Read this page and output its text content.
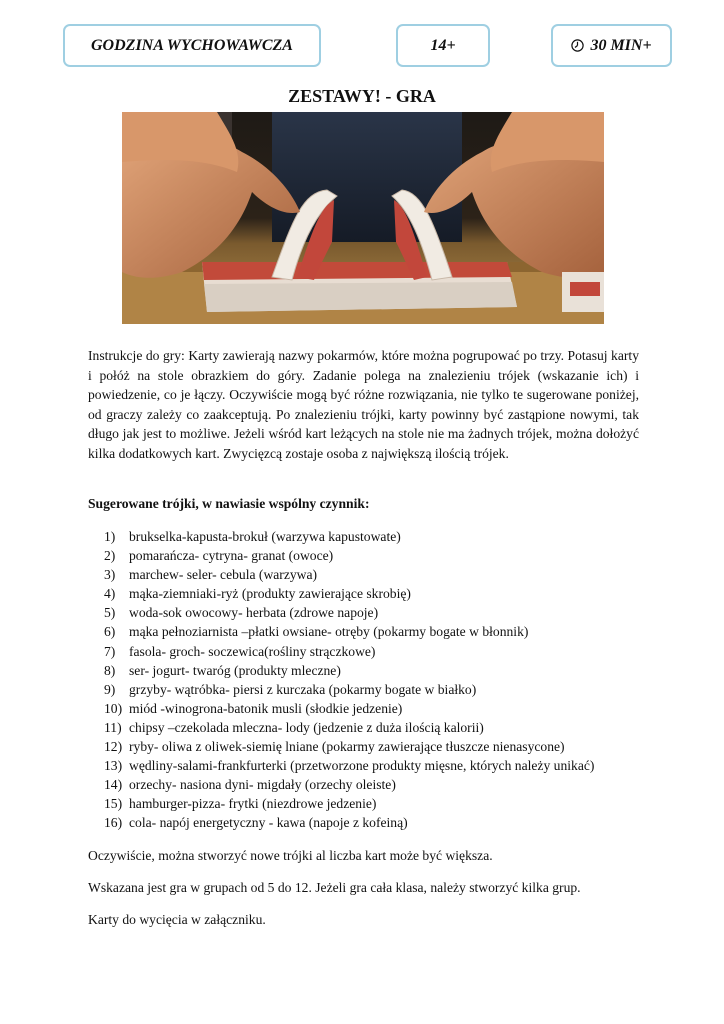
GODZINA WYCHOWAWCZA	14+	30 MIN+
ZESTAWY! - GRA

Instrukcje do gry: Karty zawierają nazwy pokarmów, które można pogrupować po trzy. Potasuj karty i połóż na stole obrazkiem do góry. Zadanie polega na znalezieniu trójek (wskazanie ich) i powiedzenie, co je łączy. Oczywiście mogą być różne rozwiązania, nie tylko te sugerowane poniżej, od graczy zależy co zaakceptują. Po znalezieniu trójki, karty powinny być zastąpione nowymi, tak długo jak jest to możliwe. Jeżeli wśród kart leżących na stole nie ma żadnych trójek, można dołożyć kilka dodatkowych kart. Zwycięzcą zostaje osoba z największą ilością trójek.

Sugerowane trójki, w nawiasie wspólny czynnik:
1)	brukselka-kapusta-brokuł (warzywa kapustowate)
2)	pomarańcza- cytryna- granat (owoce)
3)	marchew- seler- cebula (warzywa)
4)	mąka-ziemniaki-ryż (produkty zawierające skrobię)
5)	woda-sok owocowy- herbata (zdrowe napoje)
6)	mąka pełnoziarnista –płatki owsiane- otręby (pokarmy bogate w błonnik)
7)	fasola- groch- soczewica(rośliny strączkowe)
8)	ser- jogurt- twaróg (produkty mleczne)
9)	grzyby- wątróbka- piersi z kurczaka (pokarmy bogate w białko)
10) miód -winogrona-batonik musli (słodkie jedzenie)
11) chipsy –czekolada mleczna- lody (jedzenie z duża ilością kalorii)
12) ryby- oliwa z oliwek-siemię lniane (pokarmy zawierające tłuszcze nienasycone)
13) wędliny-salami-frankfurterki (przetworzone produkty mięsne, których należy unikać)
14) orzechy- nasiona dyni- migdały (orzechy oleiste)
15) hamburger-pizza- frytki (niezdrowe jedzenie)
16) cola- napój energetyczny - kawa (napoje z kofeiną)

Oczywiście, można stworzyć nowe trójki al liczba kart może być większa.

Wskazana jest gra w grupach od 5 do 12. Jeżeli gra cała klasa, należy stworzyć kilka grup.

Karty do wycięcia w załączniku.
